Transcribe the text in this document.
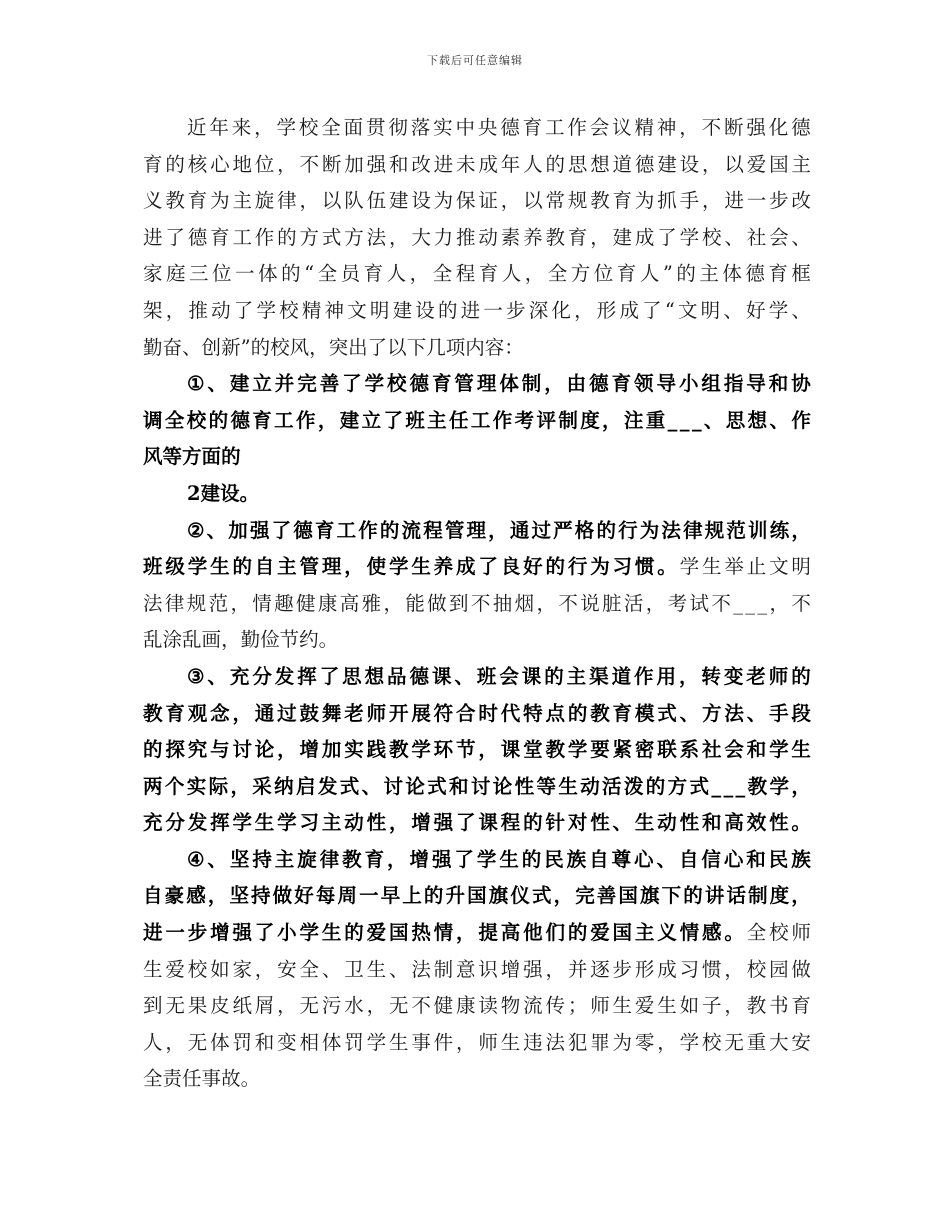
下载后可任意编辑
近 年 来 ， 学 校 全 面 贯 彻 落 实 中 央 德 育 工 作 会 议 精 神 ， 不 断 强 化 德
育 的 核 心 地 位 ， 不 断 加 强 和 改 进 未 成 年 人 的 思 想 道 德 建 设 ， 以 爱 国 主
义 教 育 为 主 旋 律 ， 以 队 伍 建 设 为 保 证 ， 以 常 规 教 育 为 抓 手 ， 进 一 步 改
进 了 德 育 工 作 的 方 式 方 法 ， 大 力 推 动 素 养 教 育 ， 建 成 了 学 校 、 社 会 、
家 庭 三 位 一 体 的 “ 全 员 育 人 ， 全 程 育 人 ， 全 方 位 育 人 ” 的 主 体 德 育 框
架 ， 推 动 了 学 校 精 神 文 明 建 设 的 进 一 步 深 化 ， 形 成 了 “ 文 明 、 好 学 、
勤 奋 、 创 新 ” 的 校 风 ， 突 出 了 以 下 几 项 内 容 ：
① 、 建 立 并 完 善 了 学 校 德 育 管 理 体 制 ， 由 德 育 领 导 小 组 指 导 和 协
调 全 校 的 德 育 工 作 ， 建 立 了 班 主 任 工 作 考 评 制 度 ， 注 重 _ _ _ 、 思 想 、 作
风 等 方 面 的
2 建 设 。
② 、 加 强 了 德 育 工 作 的 流 程 管 理 ， 通 过 严 格 的 行 为 法 律 规 范 训 练 ，
班 级 学 生 的 自 主 管 理 ， 使 学 生 养 成 了 良 好 的 行 为 习 惯 。 学 生 举 止 文 明
法 律 规 范 ， 情 趣 健 康 高 雅 ， 能 做 到 不 抽 烟 ， 不 说 脏 活 ， 考 试 不 _ _ _ ， 不
乱 涂 乱 画 ， 勤 俭 节 约 。
③ 、 充 分 发 挥 了 思 想 品 德 课 、 班 会 课 的 主 渠 道 作 用 ， 转 变 老 师 的
教 育 观 念 ， 通 过 鼓 舞 老 师 开 展 符 合 时 代 特 点 的 教 育 模 式 、 方 法 、 手 段
的 探 究 与 讨 论 ， 增 加 实 践 教 学 环 节 ， 课 堂 教 学 要 紧 密 联 系 社 会 和 学 生
两 个 实 际 ， 采 纳 启 发 式 、 讨 论 式 和 讨 论 性 等 生 动 活 泼 的 方 式 _ _ _ 教 学 ，
充 分 发 挥 学 生 学 习 主 动 性 ， 增 强 了 课 程 的 针 对 性 、 生 动 性 和 高 效 性 。
④ 、 坚 持 主 旋 律 教 育 ， 增 强 了 学 生 的 民 族 自 尊 心 、 自 信 心 和 民 族
自 豪 感 ， 坚 持 做 好 每 周 一 早 上 的 升 国 旗 仪 式 ， 完 善 国 旗 下 的 讲 话 制 度 ，
进 一 步 增 强 了 小 学 生 的 爱 国 热 情 ， 提 高 他 们 的 爱 国 主 义 情 感 。 全 校 师
生 爱 校 如 家 ， 安 全 、 卫 生 、 法 制 意 识 增 强 ， 并 逐 步 形 成 习 惯 ， 校 园 做
到 无 果 皮 纸 屑 ， 无 污 水 ， 无 不 健 康 读 物 流 传 ； 师 生 爱 生 如 子 ， 教 书 育
人 ， 无 体 罚 和 变 相 体 罚 学 生 事 件 ， 师 生 违 法 犯 罪 为 零 ， 学 校 无 重 大 安
全 责 任 事 故 。
